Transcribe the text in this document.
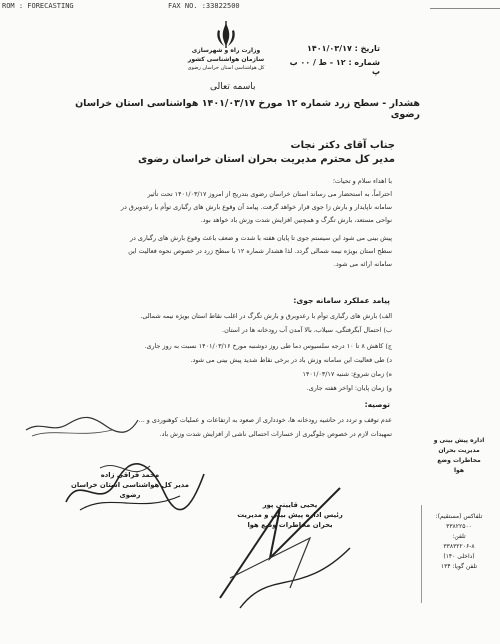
ROM : FORECASTING	FAX NO. :33822500
وزارت راه و شهرسازی
سازمان هواشناسی کشور
کل هواشناسی استان خراسان رضوی
تاریخ : ۱۴۰۱/۰۳/۱۷
شماره : ۱۲ - ط / ۰۰ ب پ
باسمه تعالی
هشدار - سطح زرد شماره ۱۲ مورخ ۱۴۰۱/۰۳/۱۷ هواشناسی استان خراسان رضوی
جناب آقای دکتر نجات
مدیر کل محترم مدیریت بحران استان خراسان رضوی
با اهداء سلام و تحیات؛
احتراماً، به استحضار می رساند استان خراسان رضوی بتدریج از امروز ۱۴۰۱/۰۳/۱۷ تحت تأثیر
سامانه ناپایدار و بارش زا جوی قرار خواهد گرفت. پیامد آن وقوع بارش های رگباری توأم با رعدوبرق در
نواحی مستعد، بارش تگرگ و همچنین افزایش شدت وزش باد خواهد بود.
پیش بینی می شود این سیستم جوی تا پایان هفته با شدت و ضعف باعث وقوع بارش های رگباری در
سطح استان بویژه نیمه شمالی گردد. لذا هشدار شماره ۱۲ با سطح زرد در خصوص نحوه فعالیت این
سامانه ارائه می شود.
پیامد عملکرد سامانه جوی:
الف) بارش های رگباری توأم با رعدوبرق و بارش تگرگ در اغلب نقاط استان بویژه نیمه شمالی.
ب) احتمال آبگرفتگی، سیلاب، بالا آمدن آب رودخانه ها در استان.
ج) کاهش ۸ تا ۱۰ درجه سلسیوس دما طی روز دوشنبه مورخ ۱۴۰۱/۰۳/۱۶ نسبت به روز جاری.
د) طی فعالیت این سامانه وزش باد در برخی نقاط شدید پیش بینی می شود.
ه) زمان شروع: شنبه ۱۴۰۱/۰۳/۱۷
و) زمان پایان: اواخر هفته جاری.
توصیه:
عدم توقف و تردد در حاشیه رودخانه ها، خودداری از صعود به ارتفاعات و عملیات کوهنوردی و ...
تمهیدات لازم در خصوص جلوگیری از خسارات احتمالی ناشی از افزایش شدت وزش باد.
محمد قراقی زاده
مدیر کل هواشناسی استان خراسان رضوی
یحیی قایینی پور
رئیس اداره پیش بینی و مدیریت
بحران مخاطرات وضع هوا
اداره پیش بینی و
مدیریت بحران
مخاطرات وضع
هوا
تلفاکس (مستقیم):
۳۳۸۲۲۵۰۰
تلفن:
۳۳۸۳۲۲۰۶-۸
(داخلی ۱۴۰)
تلفن گویا: ۱۳۴
